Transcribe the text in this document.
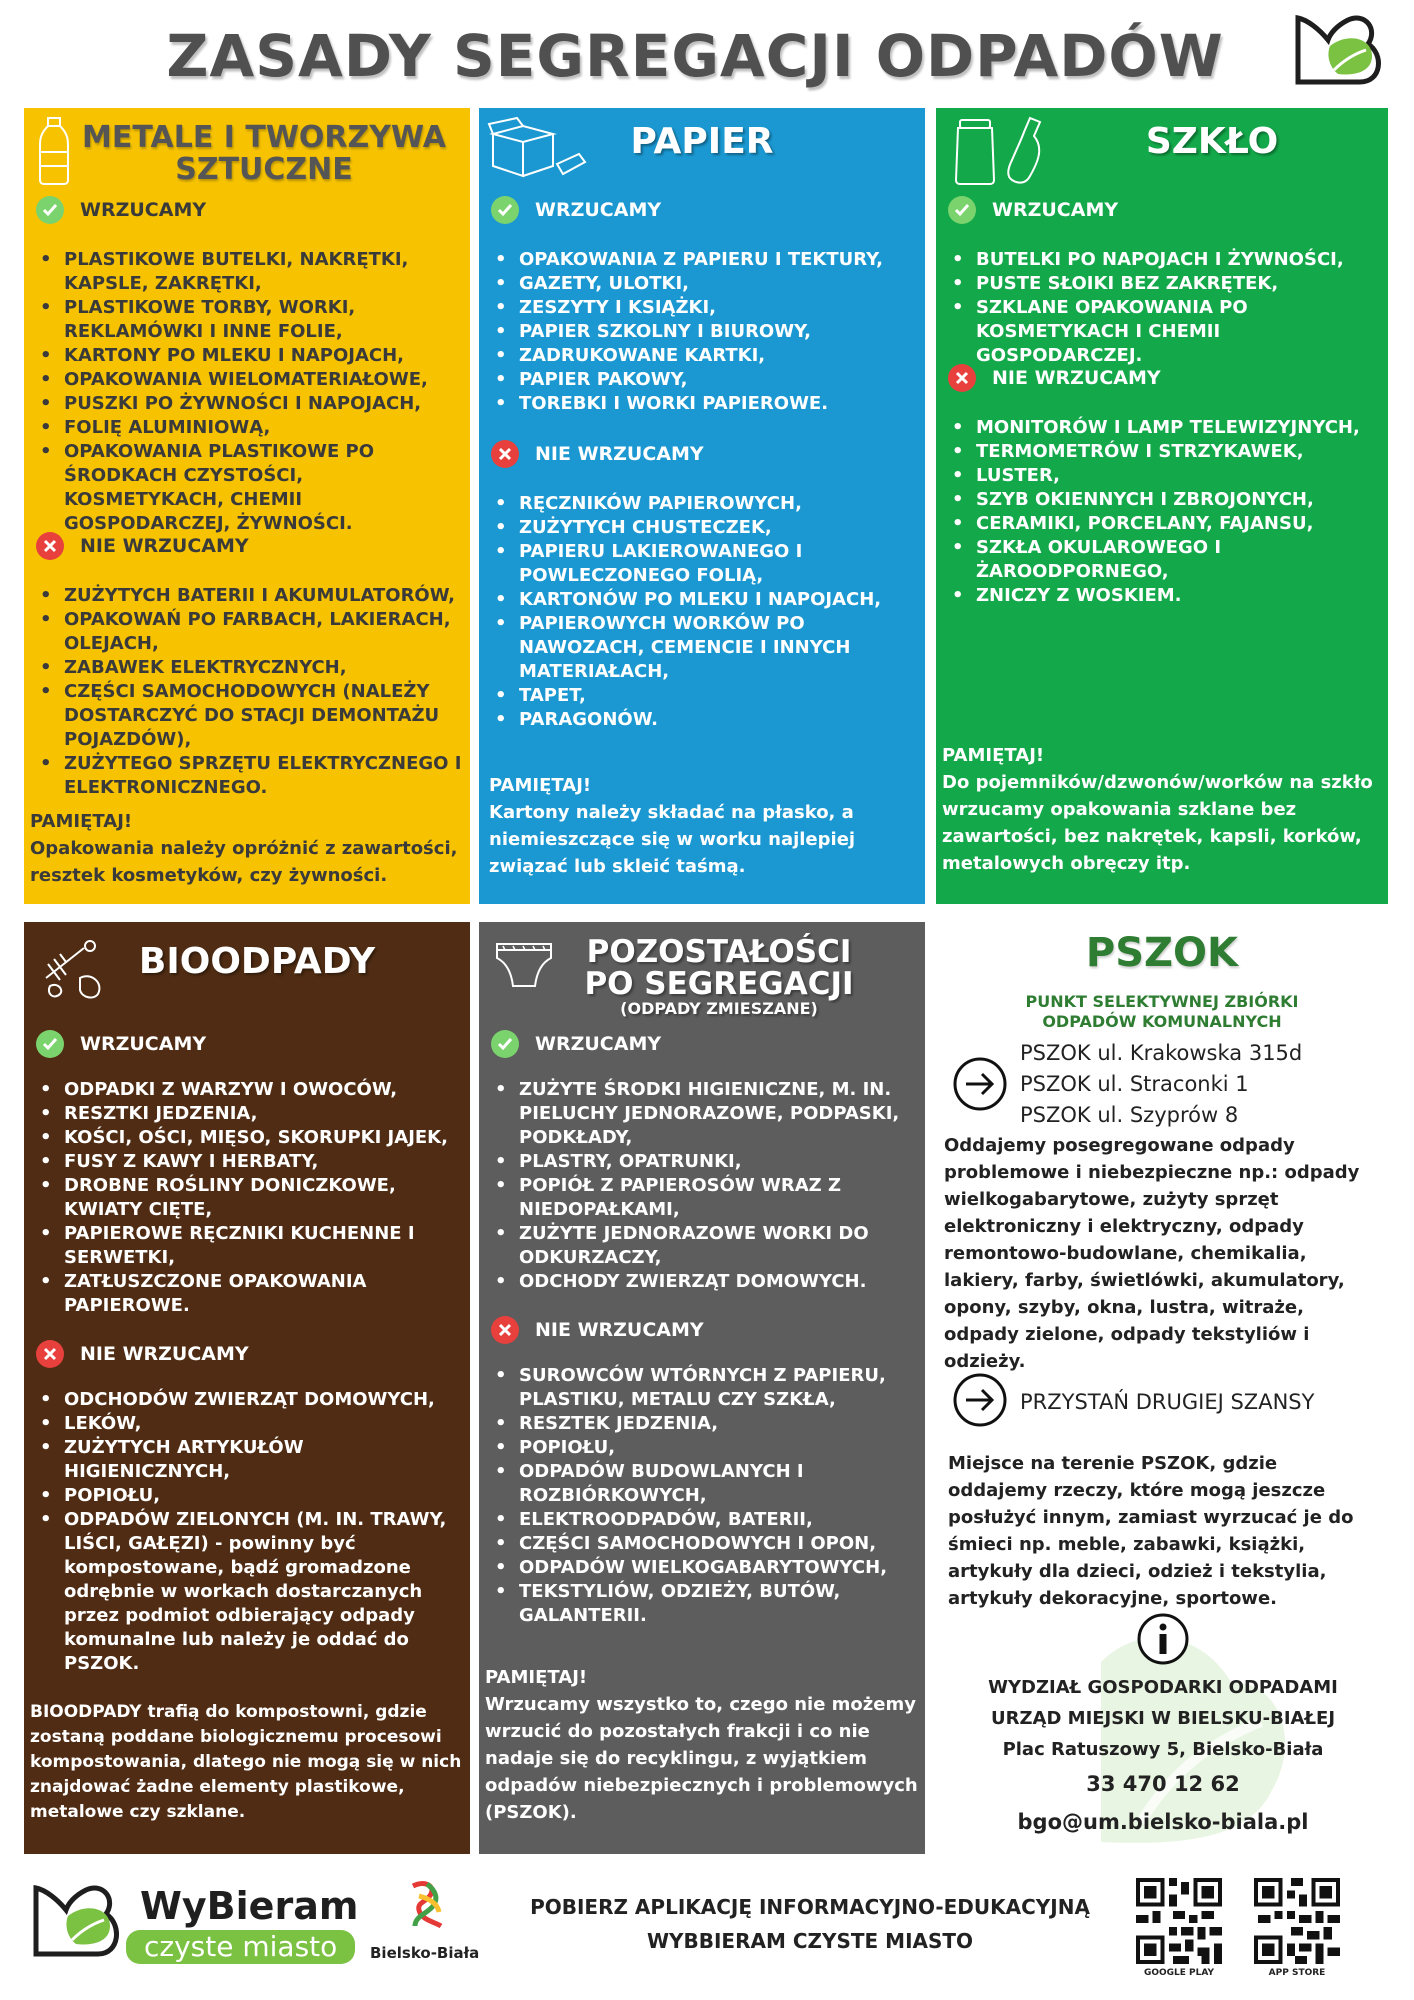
ZASADY SEGREGACJI ODPADÓW
METALE I TWORZYWA
SZTUCZNE
WRZUCAMY
• PLASTIKOWE BUTELKI, NAKRĘTKI, KAPSLE, ZAKRĘTKI,
• PLASTIKOWE TORBY, WORKI, REKLAMÓWKI I INNE FOLIE,
• KARTONY PO MLEKU I NAPOJACH,
• OPAKOWANIA WIELOMATERIAŁOWE,
• PUSZKI PO ŻYWNOŚCI I NAPOJACH,
• FOLIĘ ALUMINIOWĄ,
• OPAKOWANIA PLASTIKOWE PO ŚRODKACH CZYSTOŚCI, KOSMETYKACH, CHEMII GOSPODARCZEJ, ŻYWNOŚCI.
NIE WRZUCAMY
• ZUŻYTYCH BATERII I AKUMULATORÓW,
• OPAKOWAŃ PO FARBACH, LAKIERACH, OLEJACH,
• ZABAWEK ELEKTRYCZNYCH,
• CZĘŚCI SAMOCHODOWYCH (NALEŻY DOSTARCZYĆ DO STACJI DEMONTAŻU POJAZDÓW),
• ZUŻYTEGO SPRZĘTU ELEKTRYCZNEGO I ELEKTRONICZNEGO.
PAMIĘTAJ!
Opakowania należy opróżnić z zawartości, resztek kosmetyków, czy żywności.
PAPIER
WRZUCAMY
• OPAKOWANIA Z PAPIERU I TEKTURY,
• GAZETY, ULOTKI,
• ZESZYTY I KSIĄŻKI,
• PAPIER SZKOLNY I BIUROWY,
• ZADRUKOWANE KARTKI,
• PAPIER PAKOWY,
• TOREBKI I WORKI PAPIEROWE.
NIE WRZUCAMY
• RĘCZNIKÓW PAPIEROWYCH,
• ZUŻYTYCH CHUSTECZEK,
• PAPIERU LAKIEROWANEGO I POWLECZONEGO FOLIĄ,
• KARTONÓW PO MLEKU I NAPOJACH,
• PAPIEROWYCH WORKÓW PO NAWOZACH, CEMENCIE I INNYCH MATERIAŁACH,
• TAPET,
• PARAGONÓW.
PAMIĘTAJ!
Kartony należy składać na płasko, a niemieszczące się w worku najlepiej związać lub skleić taśmą.
SZKŁO
WRZUCAMY
• BUTELKI PO NAPOJACH I ŻYWNOŚCI,
• PUSTE SŁOIKI BEZ ZAKRĘTEK,
• SZKLANE OPAKOWANIA PO KOSMETYKACH I CHEMII GOSPODARCZEJ.
NIE WRZUCAMY
• MONITORÓW I LAMP TELEWIZYJNYCH,
• TERMOMETRÓW I STRZYKAWEK,
• LUSTER,
• SZYB OKIENNYCH I ZBROJONYCH,
• CERAMIKI, PORCELANY, FAJANSU,
• SZKŁA OKULAROWEGO I ŻAROODPORNEGO,
• ZNICZY Z WOSKIEM.
PAMIĘTAJ!
Do pojemników/dzwonów/worków na szkło wrzucamy opakowania szklane bez zawartości, bez nakrętek, kapsli, korków, metalowych obręczy itp.
BIOODPADY
WRZUCAMY
• ODPADKI Z WARZYW I OWOCÓW,
• RESZTKI JEDZENIA,
• KOŚCI, OŚCI, MIĘSO, SKORUPKI JAJEK,
• FUSY Z KAWY I HERBATY,
• DROBNE ROŚLINY DONICZKOWE, KWIATY CIĘTE,
• PAPIEROWE RĘCZNIKI KUCHENNE I SERWETKI,
• ZATŁUSZCZONE OPAKOWANIA PAPIEROWE.
NIE WRZUCAMY
• ODCHODÓW ZWIERZĄT DOMOWYCH,
• LEKÓW,
• ZUŻYTYCH ARTYKUŁÓW HIGIENICZNYCH,
• POPIOŁU,
• ODPADÓW ZIELONYCH (M. IN. TRAWY, LIŚCI, GAŁĘZI) - powinny być kompostowane, bądź gromadzone odrębnie w workach dostarczanych przez podmiot odbierający odpady komunalne lub należy je oddać do PSZOK.
BIOODPADY trafią do kompostowni, gdzie zostaną poddane biologicznemu procesowi kompostowania, dlatego nie mogą się w nich znajdować żadne elementy plastikowe, metalowe czy szklane.
POZOSTAŁOŚCI
PO SEGREGACJI
(ODPADY ZMIESZANE)
WRZUCAMY
• ZUŻYTE ŚRODKI HIGIENICZNE, M. IN. PIELUCHY JEDNORAZOWE, PODPASKI, PODKŁADY,
• PLASTRY, OPATRUNKI,
• POPIÓŁ Z PAPIEROSÓW WRAZ Z NIEDOPAŁKAMI,
• ZUŻYTE JEDNORAZOWE WORKI DO ODKURZACZY,
• ODCHODY ZWIERZĄT DOMOWYCH.
NIE WRZUCAMY
• SUROWCÓW WTÓRNYCH Z PAPIERU, PLASTIKU, METALU CZY SZKŁA,
• RESZTEK JEDZENIA,
• POPIOŁU,
• ODPADÓW BUDOWLANYCH I ROZBIÓRKOWYCH,
• ELEKTROODPADÓW, BATERII,
• CZĘŚCI SAMOCHODOWYCH I OPON,
• ODPADÓW WIELKOGABARYTOWYCH,
• TEKSTYLIÓW, ODZIEŻY, BUTÓW, GALANTERII.
PAMIĘTAJ!
Wrzucamy wszystko to, czego nie możemy wrzucić do pozostałych frakcji i co nie nadaje się do recyklingu, z wyjątkiem odpadów niebezpiecznych i problemowych (PSZOK).
PSZOK
PUNKT SELEKTYWNEJ ZBIÓRKI
ODPADÓW KOMUNALNYCH
PSZOK ul. Krakowska 315d
PSZOK ul. Straconki 1
PSZOK ul. Szyprów 8
Oddajemy posegregowane odpady problemowe i niebezpieczne np.: odpady wielkogabarytowe, zużyty sprzęt elektroniczny i elektryczny, odpady remontowo-budowlane, chemikalia, lakiery, farby, świetlówki, akumulatory, opony, szyby, okna, lustra, witraże, odpady zielone, odpady tekstyliów i odzieży.
PRZYSTAŃ DRUGIEJ SZANSY
Miejsce na terenie PSZOK, gdzie oddajemy rzeczy, które mogą jeszcze posłużyć innym, zamiast wyrzucać je do śmieci np. meble, zabawki, książki, artykuły dla dzieci, odzież i tekstylia, artykuły dekoracyjne, sportowe.
WYDZIAŁ GOSPODARKI ODPADAMI
URZĄD MIEJSKI W BIELSKU-BIAŁEJ
Plac Ratuszowy 5, Bielsko-Biała
33 470 12 62
bgo@um.bielsko-biala.pl
WyBieram
czyste miasto	Bielsko-Biała
POBIERZ APLIKACJĘ INFORMACYJNO-EDUKACYJNĄ
WYBBIERAM CZYSTE MIASTO
GOOGLE PLAY	APP STORE
